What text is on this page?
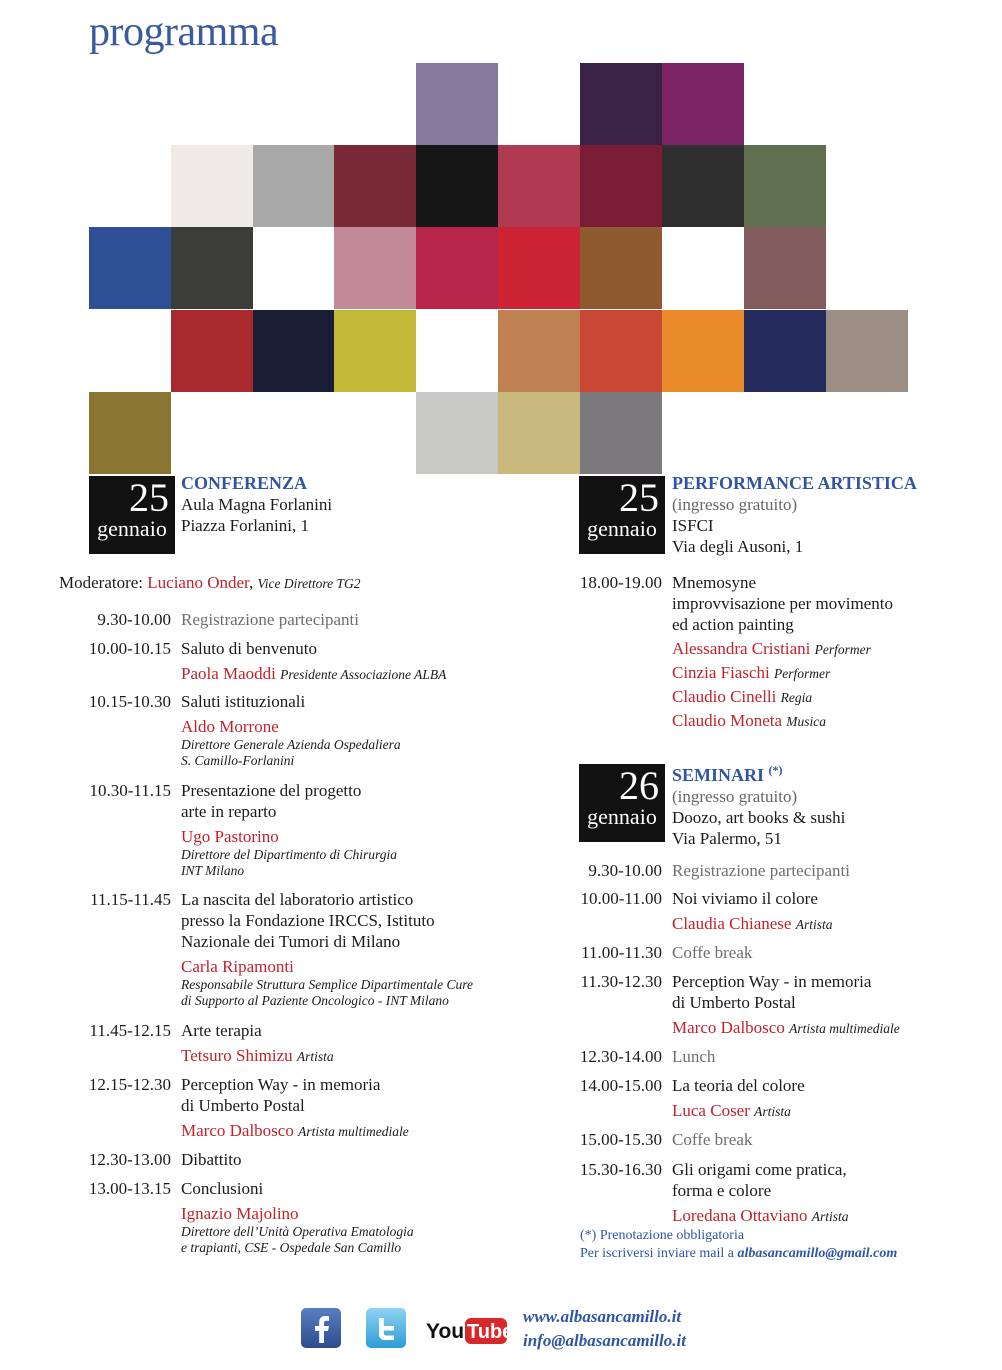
programma
25
gennaio
CONFERENZA
Aula Magna Forlanini
Piazza Forlanini, 1
Moderatore: Luciano Onder, Vice Direttore TG2
9.30-10.00 Registrazione partecipanti
10.00-10.15 Saluto di benvenuto
Paola Maoddi Presidente Associazione ALBA
10.15-10.30 Saluti istituzionali
Aldo Morrone
Direttore Generale Azienda Ospedaliera
S. Camillo-Forlanini
10.30-11.15 Presentazione del progetto
arte in reparto
Ugo Pastorino
Direttore del Dipartimento di Chirurgia
INT Milano
11.15-11.45 La nascita del laboratorio artistico
presso la Fondazione IRCCS, Istituto
Nazionale dei Tumori di Milano
Carla Ripamonti
Responsabile Struttura Semplice Dipartimentale Cure
di Supporto al Paziente Oncologico - INT Milano
11.45-12.15 Arte terapia
Tetsuro Shimizu Artista
12.15-12.30 Perception Way - in memoria
di Umberto Postal
Marco Dalbosco Artista multimediale
12.30-13.00 Dibattito
13.00-13.15 Conclusioni
Ignazio Majolino
Direttore dell’Unità Operativa Ematologia
e trapianti, CSE - Ospedale San Camillo
25
gennaio
PERFORMANCE ARTISTICA
(ingresso gratuito)
ISFCI
Via degli Ausoni, 1
18.00-19.00 Mnemosyne
improvvisazione per movimento
ed action painting
Alessandra Cristiani Performer
Cinzia Fiaschi Performer
Claudio Cinelli Regia
Claudio Moneta Musica
26
gennaio
SEMINARI (*)
(ingresso gratuito)
Doozo, art books & sushi
Via Palermo, 51
9.30-10.00 Registrazione partecipanti
10.00-11.00 Noi viviamo il colore
Claudia Chianese Artista
11.00-11.30 Coffe break
11.30-12.30 Perception Way - in memoria
di Umberto Postal
Marco Dalbosco Artista multimediale
12.30-14.00 Lunch
14.00-15.00 La teoria del colore
Luca Coser Artista
15.00-15.30 Coffe break
15.30-16.30 Gli origami come pratica,
forma e colore
Loredana Ottaviano Artista
(*) Prenotazione obbligatoria
Per iscriversi inviare mail a albasancamillo@gmail.com
You Tube
www.albasancamillo.it
info@albasancamillo.it
